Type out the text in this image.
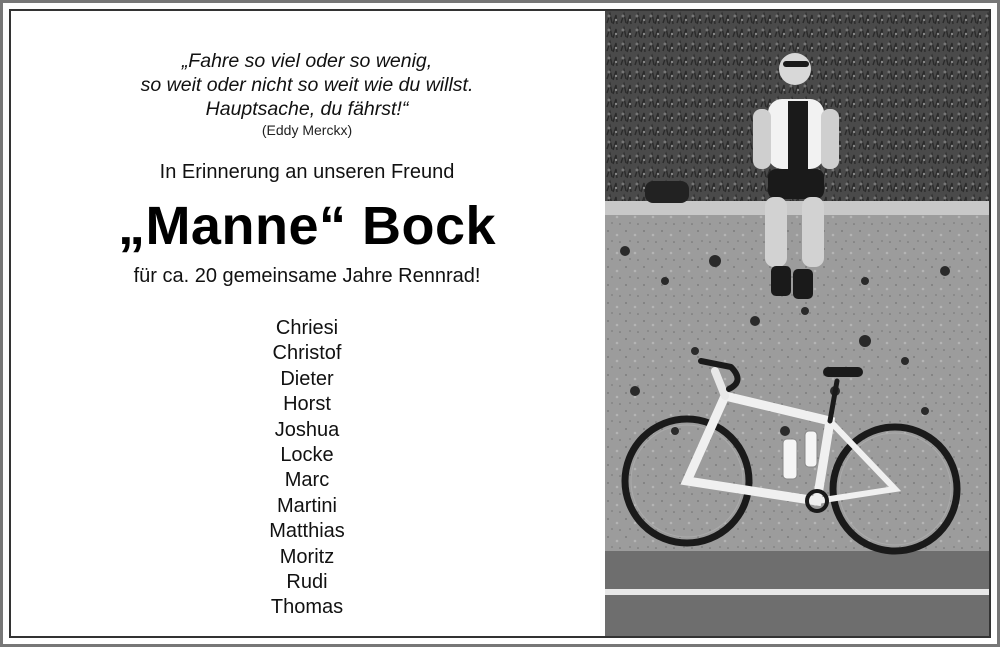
„Fahre so viel oder so wenig,
so weit oder nicht so weit wie du willst.
Hauptsache, du fährst!“
(Eddy Merckx)
In Erinnerung an unseren Freund
„Manne“ Bock
für ca. 20 gemeinsame Jahre Rennrad!
Chriesi
Christof
Dieter
Horst
Joshua
Locke
Marc
Martini
Matthias
Moritz
Rudi
Thomas
